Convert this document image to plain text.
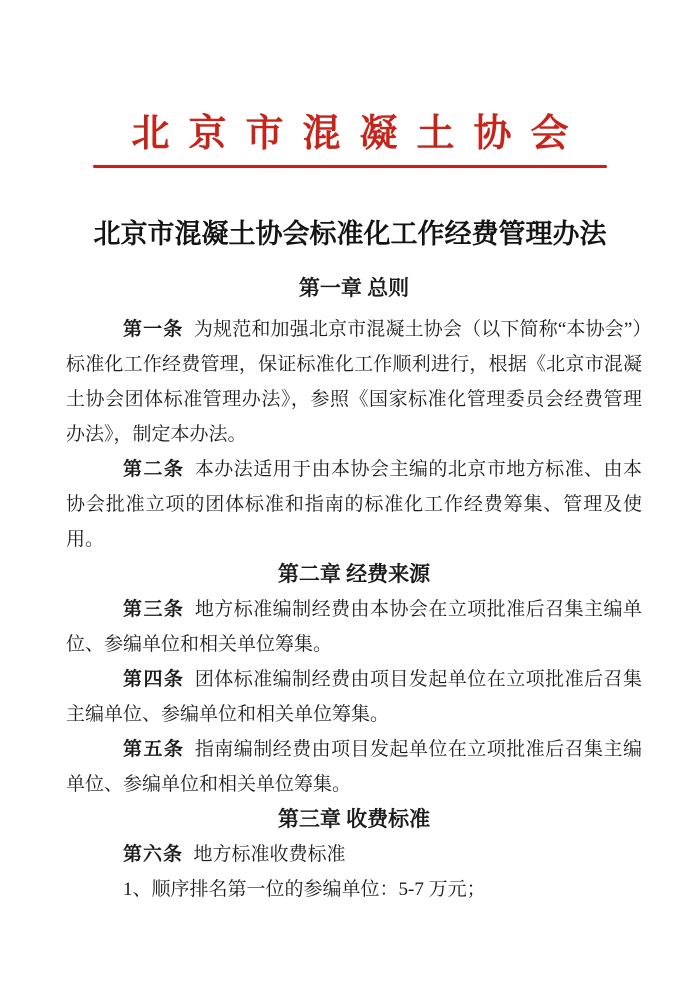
北京市混凝土协会
北京市混凝土协会标准化工作经费管理办法

第一章 总则

第一条 为规范和加强北京市混凝土协会（以下简称“本协会”）标准化工作经费管理，保证标准化工作顺利进行，根据《北京市混凝土协会团体标准管理办法》，参照《国家标准化管理委员会经费管理办法》，制定本办法。

第二条 本办法适用于由本协会主编的北京市地方标准、由本协会批准立项的团体标准和指南的标准化工作经费筹集、管理及使用。

第二章 经费来源

第三条 地方标准编制经费由本协会在立项批准后召集主编单位、参编单位和相关单位筹集。

第四条 团体标准编制经费由项目发起单位在立项批准后召集主编单位、参编单位和相关单位筹集。

第五条 指南编制经费由项目发起单位在立项批准后召集主编单位、参编单位和相关单位筹集。

第三章 收费标准

第六条 地方标准收费标准

1、顺序排名第一位的参编单位：5-7 万元；
